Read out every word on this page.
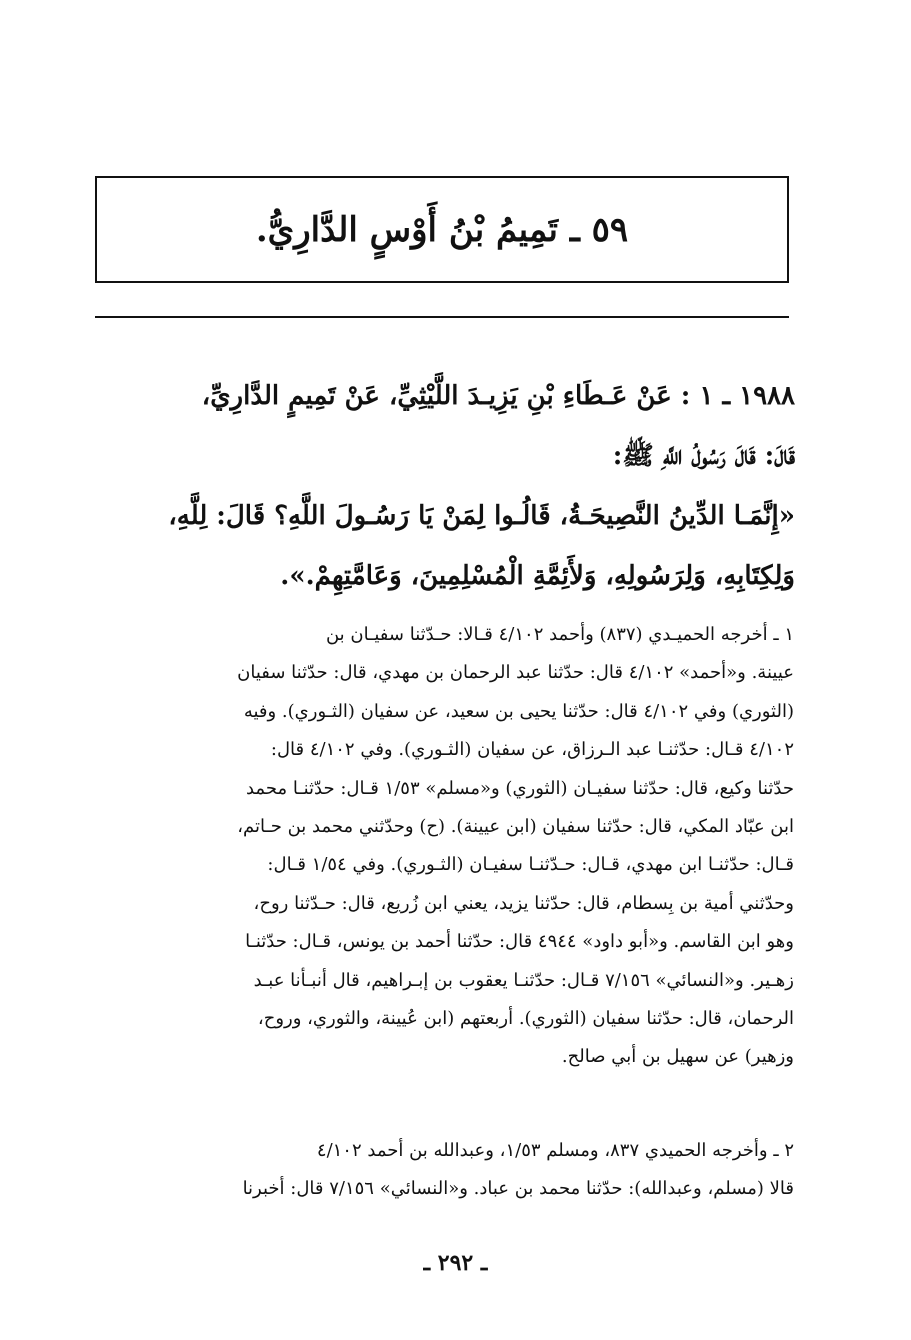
٥٩ ـ تَمِيمُ بْنُ أَوْسٍ الدَّارِيُّ.
١٩٨٨ ـ ١ : عَنْ عَـطَاءِ بْنِ يَزِيـدَ اللَّيْثِيِّ، عَنْ تَمِيمٍ الدَّارِيِّ،
قَالَ: قَالَ رَسُولُ اللَّهِ ﷺ:
«إِنَّمَـا الدِّينُ النَّصِيحَـةُ، قَالُـوا لِمَنْ يَا رَسُـولَ اللَّهِ؟ قَالَ: لِلَّهِ،
وَلِكِتَابِهِ، وَلِرَسُولِهِ، وَلأَئِمَّةِ الْمُسْلِمِينَ، وَعَامَّتِهِمْ.».
١ ـ أخرجه الحميـدي (٨٣٧) وأحمد ٤/١٠٢ قـالا: حـدّثنا سفيـان بن
عيينة. و«أحمد» ٤/١٠٢ قال: حدّثنا عبد الرحمان بن مهدي، قال: حدّثنا سفيان
(الثوري) وفي ٤/١٠٢ قال: حدّثنا يحيى بن سعيد، عن سفيان (الثـوري). وفيه
٤/١٠٢ قـال: حدّثنـا عبد الـرزاق، عن سفيان (الثـوري). وفي ٤/١٠٢ قال:
حدّثنا وكيع، قال: حدّثنا سفيـان (الثوري) و«مسلم» ١/٥٣ قـال: حدّثنـا محمد
ابن عبّاد المكي، قال: حدّثنا سفيان (ابن عيينة). (ح) وحدّثني محمد بن حـاتم،
قـال: حدّثنـا ابن مهدي، قـال: حـدّثنـا سفيـان (الثـوري). وفي ١/٥٤ قـال:
وحدّثني أمية بن بِسطام، قال: حدّثنا يزيد، يعني ابن زُريع، قال: حـدّثنا روح،
وهو ابن القاسم. و«أبو داود» ٤٩٤٤ قال: حدّثنا أحمد بن يونس، قـال: حدّثنـا
زهـير. و«النسائي» ٧/١٥٦ قـال: حدّثنـا يعقوب بن إبـراهيم، قال أنبـأنا عبـد
الرحمان، قال: حدّثنا سفيان (الثوري). أربعتهم (ابن عُيينة، والثوري، وروح،
وزهير) عن سهيل بن أبي صالح.
٢ ـ وأخرجه الحميدي ٨٣٧، ومسلم ١/٥٣، وعبدالله بن أحمد ٤/١٠٢
قالا (مسلم، وعبدالله): حدّثنا محمد بن عباد. و«النسائي» ٧/١٥٦ قال: أخبرنا
ـ ٢٩٢ ـ
